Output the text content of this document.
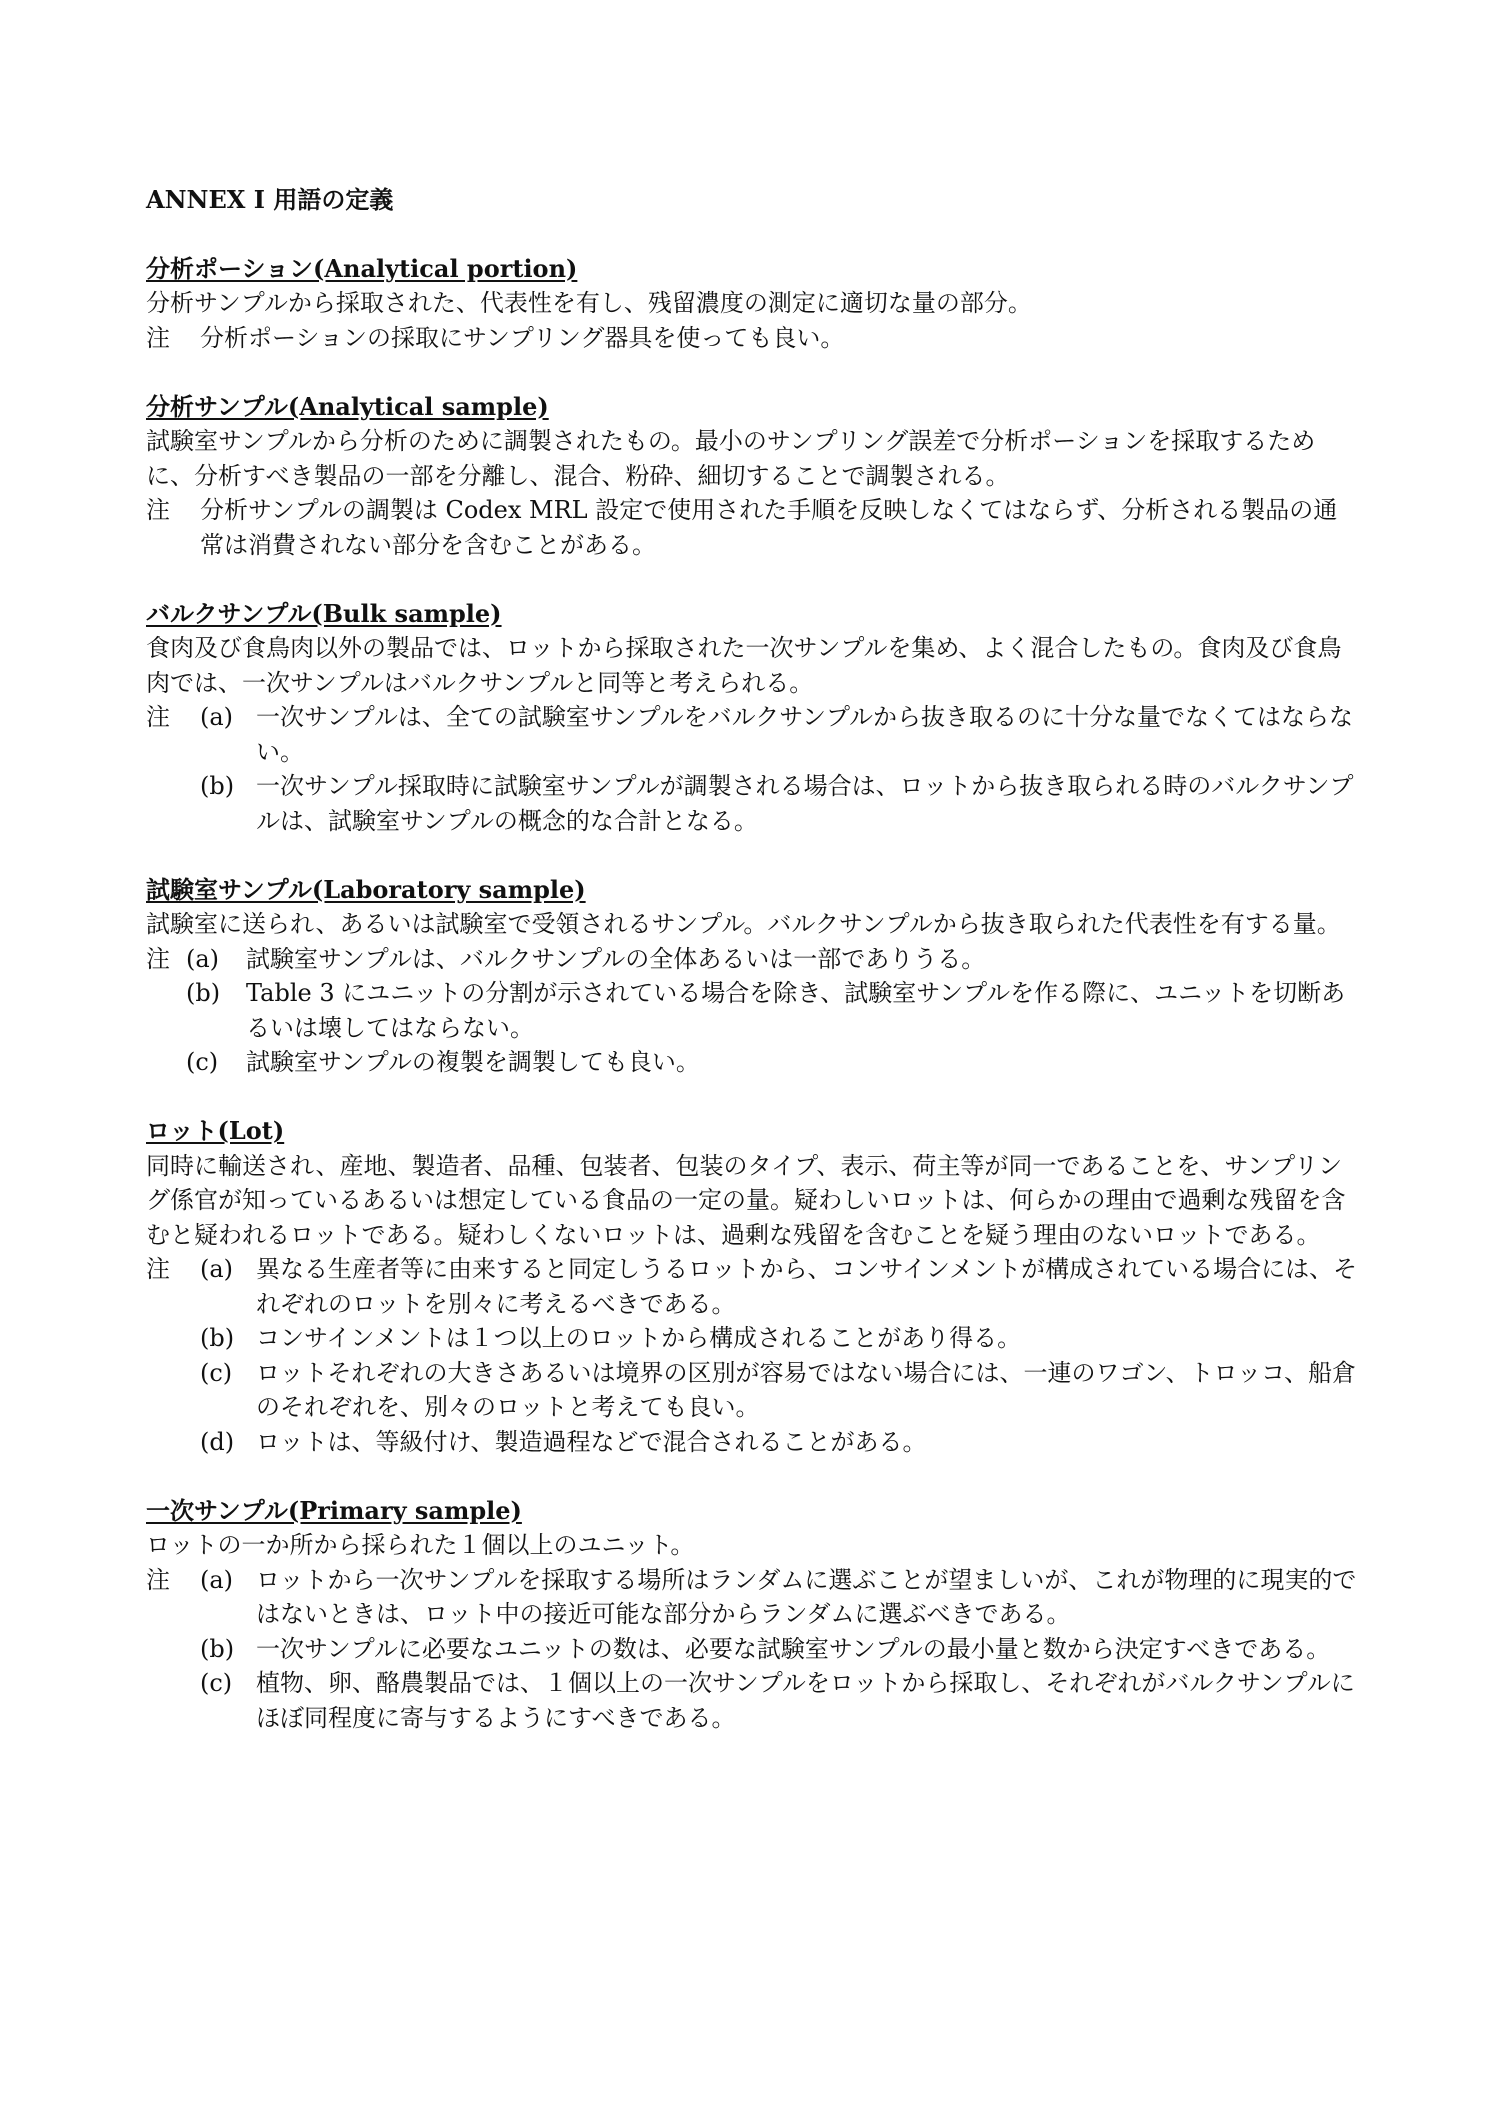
ANNEX I 用語の定義
分析ポーション(Analytical portion)
分析サンプルから採取された、代表性を有し、残留濃度の測定に適切な量の部分。
注	分析ポーションの採取にサンプリング器具を使っても良い。
分析サンプル(Analytical sample)
試験室サンプルから分析のために調製されたもの。最小のサンプリング誤差で分析ポーションを採取するために、分析すべき製品の一部を分離し、混合、粉砕、細切することで調製される。
注	分析サンプルの調製は Codex MRL 設定で使用された手順を反映しなくてはならず、分析される製品の通常は消費されない部分を含むことがある。
バルクサンプル(Bulk sample)
食肉及び食鳥肉以外の製品では、ロットから採取された一次サンプルを集め、よく混合したもの。食肉及び食鳥肉では、一次サンプルはバルクサンプルと同等と考えられる。
注	(a) 一次サンプルは、全ての試験室サンプルをバルクサンプルから抜き取るのに十分な量でなくてはならない。
(b) 一次サンプル採取時に試験室サンプルが調製される場合は、ロットから抜き取られる時のバルクサンプルは、試験室サンプルの概念的な合計となる。
試験室サンプル(Laboratory sample)
試験室に送られ、あるいは試験室で受領されるサンプル。バルクサンプルから抜き取られた代表性を有する量。
注 (a)	試験室サンプルは、バルクサンプルの全体あるいは一部でありうる。
(b)	Table 3 にユニットの分割が示されている場合を除き、試験室サンプルを作る際に、ユニットを切断あるいは壊してはならない。
(c)	試験室サンプルの複製を調製しても良い。
ロット(Lot)
同時に輸送され、産地、製造者、品種、包装者、包装のタイプ、表示、荷主等が同一であることを、サンプリング係官が知っているあるいは想定している食品の一定の量。疑わしいロットは、何らかの理由で過剰な残留を含むと疑われるロットである。疑わしくないロットは、過剰な残留を含むことを疑う理由のないロットである。
注	(a) 異なる生産者等に由来すると同定しうるロットから、コンサインメントが構成されている場合には、それぞれのロットを別々に考えるべきである。
(b) コンサインメントは１つ以上のロットから構成されることがあり得る。
(c) ロットそれぞれの大きさあるいは境界の区別が容易ではない場合には、一連のワゴン、トロッコ、船倉のそれぞれを、別々のロットと考えても良い。
(d) ロットは、等級付け、製造過程などで混合されることがある。
一次サンプル(Primary sample)
ロットの一か所から採られた１個以上のユニット。
注	(a) ロットから一次サンプルを採取する場所はランダムに選ぶことが望ましいが、これが物理的に現実的ではないときは、ロット中の接近可能な部分からランダムに選ぶべきである。
(b) 一次サンプルに必要なユニットの数は、必要な試験室サンプルの最小量と数から決定すべきである。
(c) 植物、卵、酪農製品では、１個以上の一次サンプルをロットから採取し、それぞれがバルクサンプルにほぼ同程度に寄与するようにすべきである。
